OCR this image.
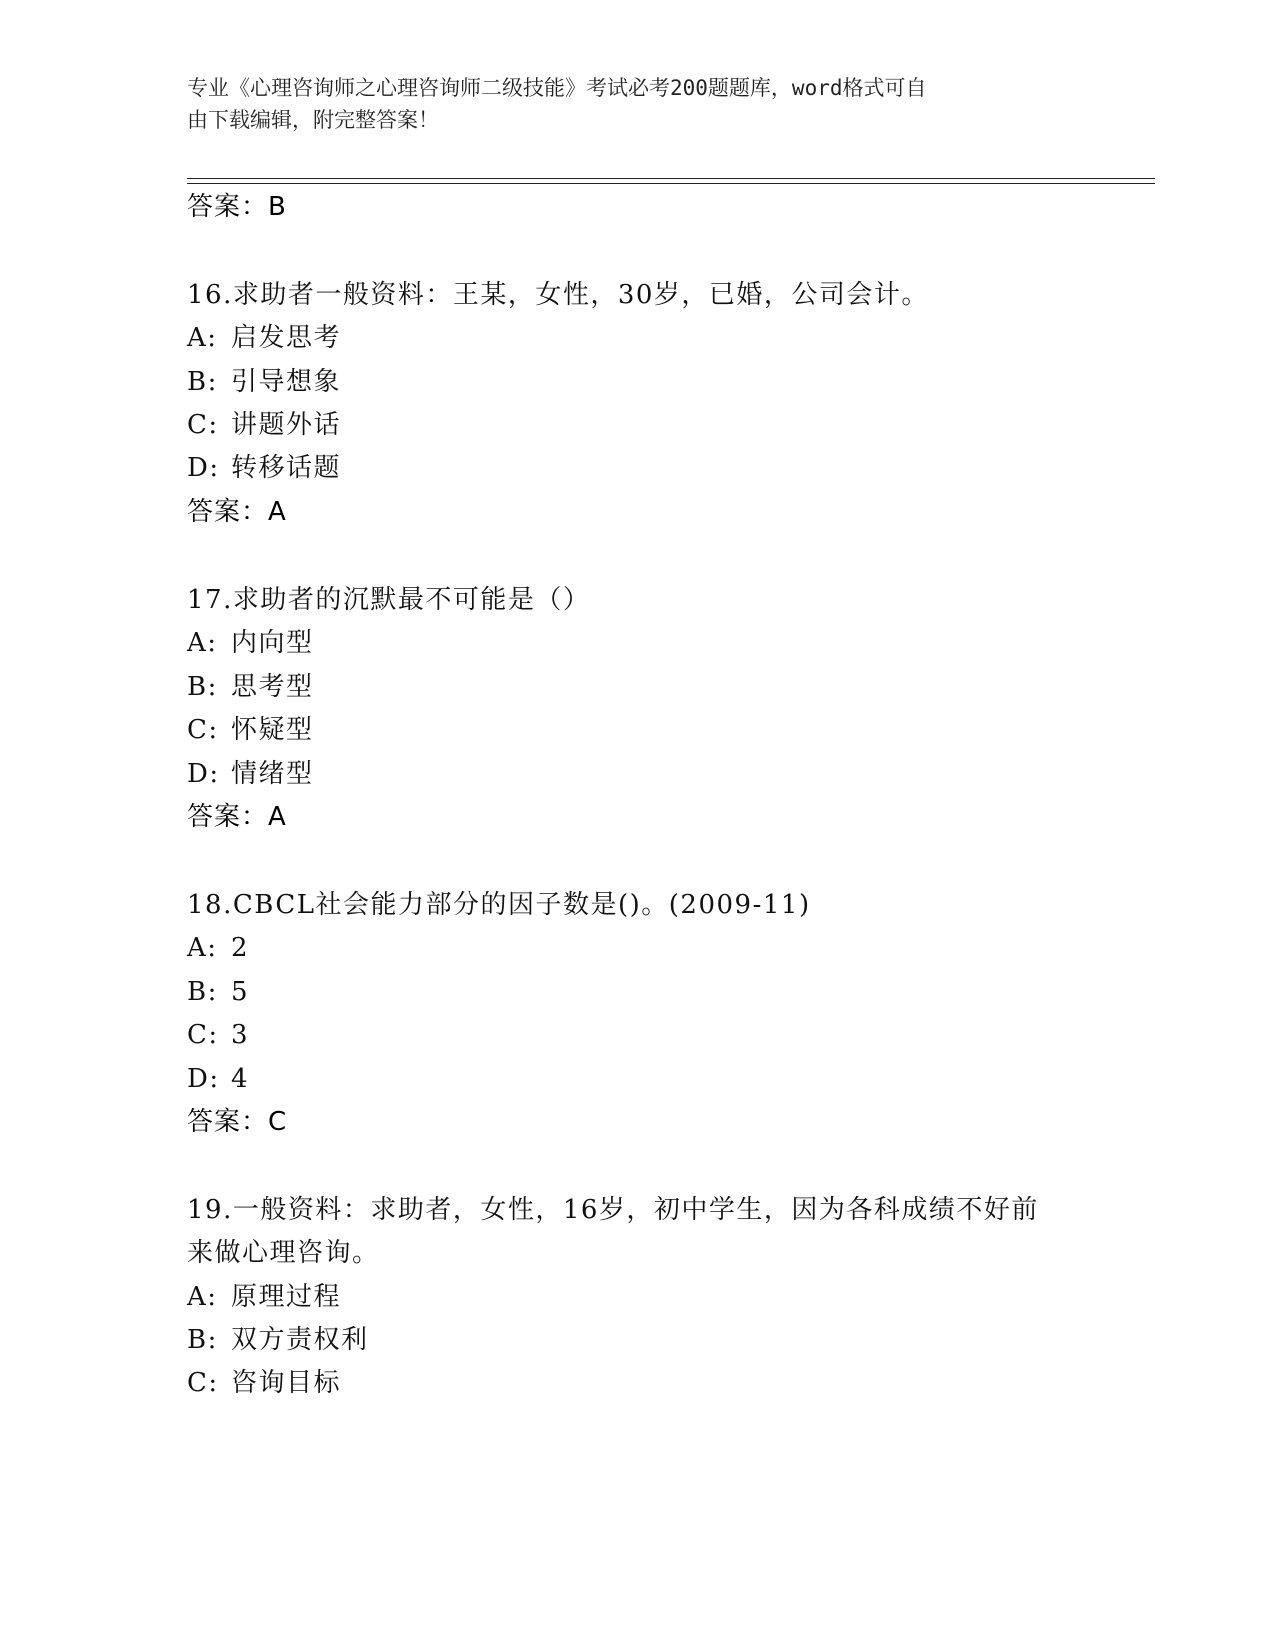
专业《心理咨询师之心理咨询师二级技能》考试必考200题题库，word格式可自
由下载编辑，附完整答案！
答案：B
16.求助者一般资料：王某，女性，30岁，已婚，公司会计。
A: 启发思考
B: 引导想象
C: 讲题外话
D: 转移话题
答案：A
17.求助者的沉默最不可能是（）
A: 内向型
B: 思考型
C: 怀疑型
D: 情绪型
答案：A
18.CBCL社会能力部分的因子数是()。(2009-11)
A: 2
B: 5
C: 3
D: 4
答案：C
19.一般资料：求助者，女性，16岁，初中学生，因为各科成绩不好前
来做心理咨询。
A: 原理过程
B: 双方责权利
C: 咨询目标
